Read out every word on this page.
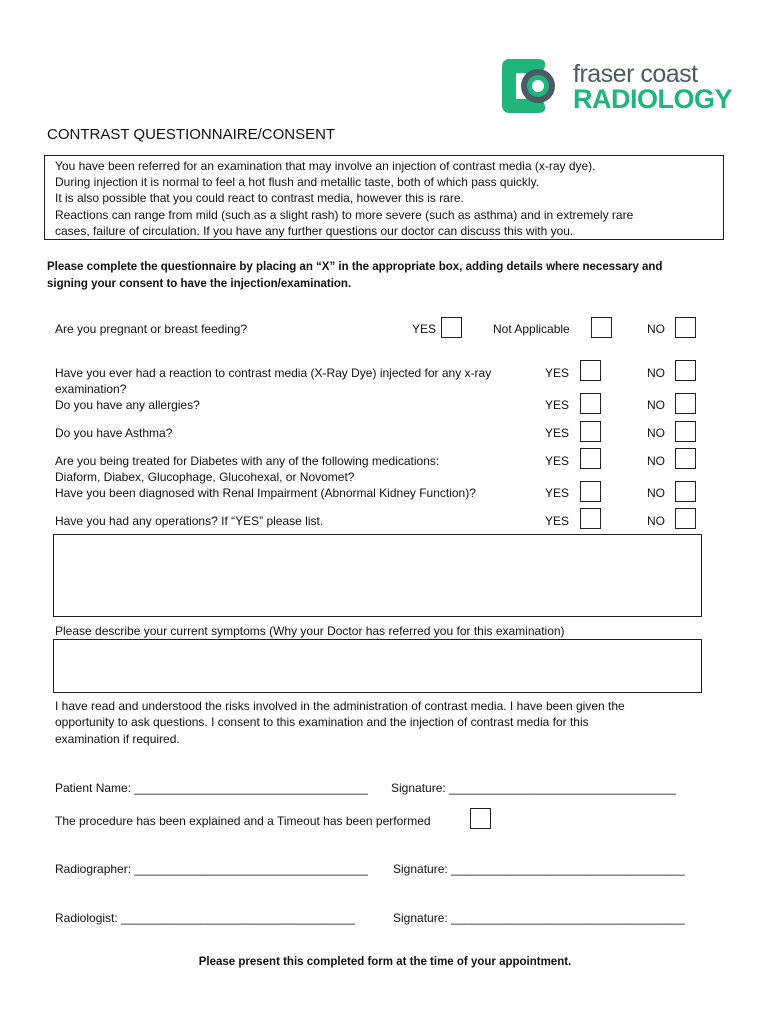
fraser coast
RADIOLOGY
CONTRAST QUESTIONNAIRE/CONSENT
You have been referred for an examination that may involve an injection of contrast media (x-ray dye).
During injection it is normal to feel a hot flush and metallic taste, both of which pass quickly.
It is also possible that you could react to contrast media, however this is rare.
Reactions can range from mild (such as a slight rash) to more severe (such as asthma) and in extremely rare
cases, failure of circulation. If you have any further questions our doctor can discuss this with you.
Please complete the questionnaire by placing an “X” in the appropriate box, adding details where necessary and
signing your consent to have the injection/examination.
Are you pregnant or breast feeding?	YES	Not Applicable	NO
Have you ever had a reaction to contrast media (X-Ray Dye) injected for any x-ray
examination?
YES	NO
Do you have any allergies?	YES	NO
Do you have Asthma?	YES	NO
Are you being treated for Diabetes with any of the following medications:
Diaform, Diabex, Glucophage, Glucohexal, or Novomet?
YES	NO
Have you been diagnosed with Renal Impairment (Abnormal Kidney Function)?	YES	NO
Have you had any operations? If “YES” please list.	YES	NO
Please describe your current symptoms (Why your Doctor has referred you for this examination)
I have read and understood the risks involved in the administration of contrast media. I have been given the
opportunity to ask questions. I consent to this examination and the injection of contrast media for this
examination if required.
Patient Name: ___________________________________ Signature: __________________________________
The procedure has been explained and a Timeout has been performed
Radiographer: ___________________________________ Signature: ___________________________________
Radiologist: ___________________________________	Signature: ___________________________________
Please present this completed form at the time of your appointment.
